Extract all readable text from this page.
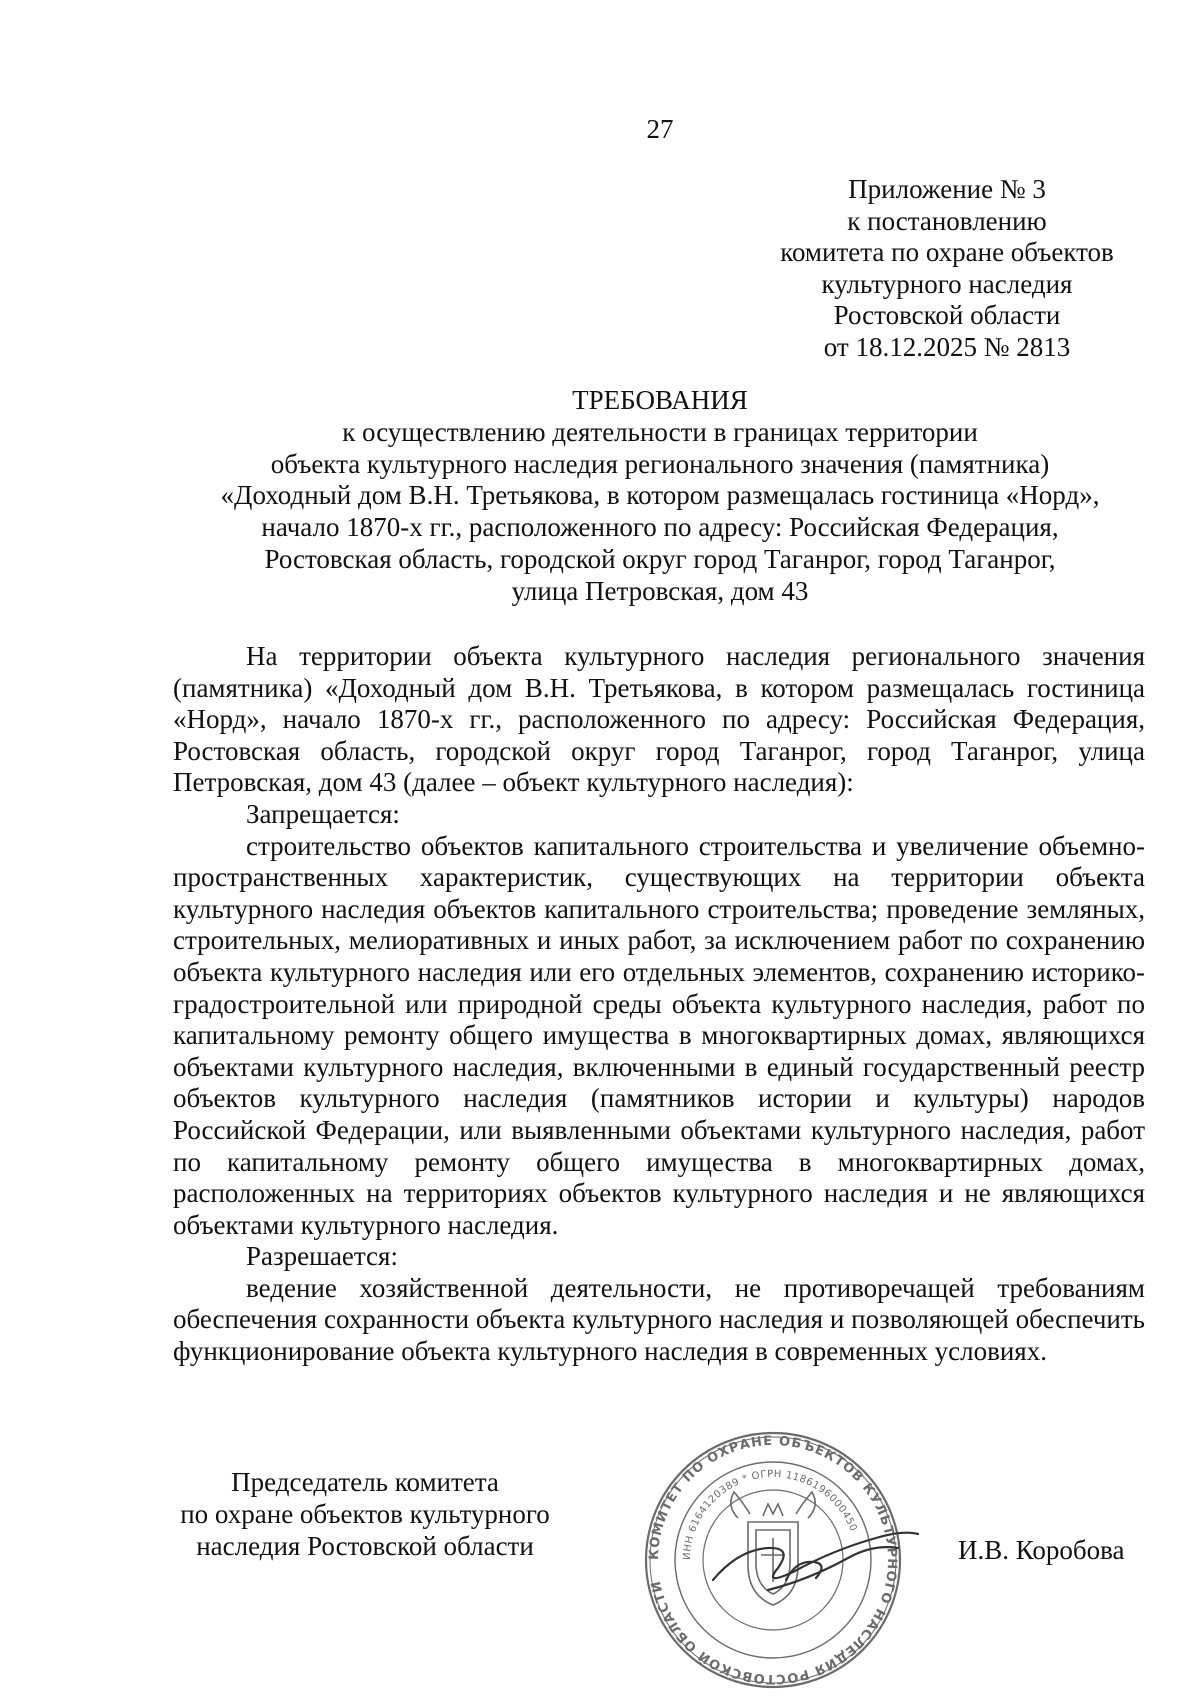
27
Приложение № 3
к постановлению
комитета по охране объектов
культурного наследия
Ростовской области
от 18.12.2025 № 2813
ТРЕБОВАНИЯ
к осуществлению деятельности в границах территории
объекта культурного наследия регионального значения (памятника)
«Доходный дом В.Н. Третьякова, в котором размещалась гостиница «Норд»,
начало 1870-х гг., расположенного по адресу: Российская Федерация,
Ростовская область, городской округ город Таганрог, город Таганрог,
улица Петровская, дом 43

На территории объекта культурного наследия регионального значения (памятника) «Доходный дом В.Н. Третьякова, в котором размещалась гостиница «Норд», начало 1870-х гг., расположенного по адресу: Российская Федерация, Ростовская область, городской округ город Таганрог, город Таганрог, улица Петровская, дом 43 (далее – объект культурного наследия):

Запрещается:

строительство объектов капитального строительства и увеличение объемно-пространственных характеристик, существующих на территории объекта культурного наследия объектов капитального строительства; проведение земляных, строительных, мелиоративных и иных работ, за исключением работ по сохранению объекта культурного наследия или его отдельных элементов, сохранению историко-градостроительной или природной среды объекта культурного наследия, работ по капитальному ремонту общего имущества в многоквартирных домах, являющихся объектами культурного наследия, включенными в единый государственный реестр объектов культурного наследия (памятников истории и культуры) народов Российской Федерации, или выявленными объектами культурного наследия, работ по капитальному ремонту общего имущества в многоквартирных домах, расположенных на территориях объектов культурного наследия и не являющихся объектами культурного наследия.

Разрешается:

ведение хозяйственной деятельности, не противоречащей требованиям обеспечения сохранности объекта культурного наследия и позволяющей обеспечить функционирование объекта культурного наследия в современных условиях.

Председатель комитета
по охране объектов культурного
наследия Ростовской области	КОМИТЕТ ПО ОХРАНЕ ОБЪЕКТОВ КУЛЬТУРНОГО НАСЛЕДИЯ РОСТОВСКОЙ ОБЛАСТИ
ИНН 6164120389 * ОГРН 1186196000450
И.В. Коробова
